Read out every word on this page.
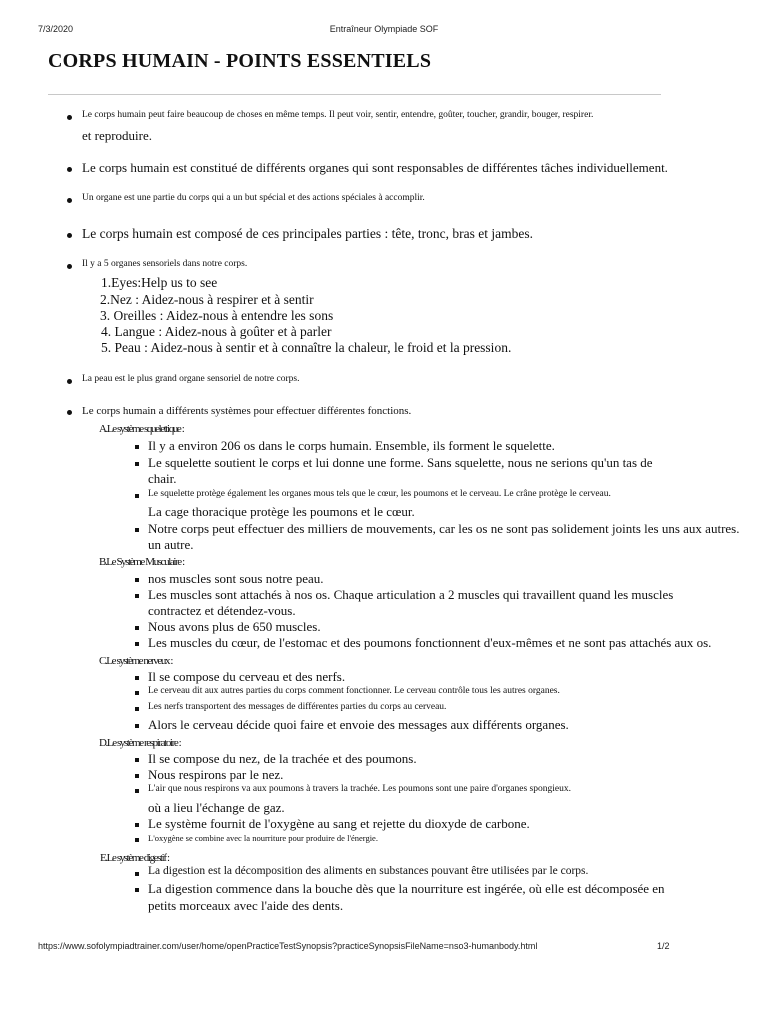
7/3/2020	Entraîneur Olympiade SOF
CORPS HUMAIN - POINTS ESSENTIELS
Le corps humain peut faire beaucoup de choses en même temps. Il peut voir, sentir, entendre, goûter, toucher, grandir, bouger, respirer.
et reproduire.
Le corps humain est constitué de différents organes qui sont responsables de différentes tâches individuellement.
Un organe est une partie du corps qui a un but spécial et des actions spéciales à accomplir.
Le corps humain est composé de ces principales parties : tête, tronc, bras et jambes.
Il y a 5 organes sensoriels dans notre corps.
1.Eyes:Help us to see
2.Nez : Aidez-nous à respirer et à sentir
3. Oreilles : Aidez-nous à entendre les sons
4. Langue : Aidez-nous à goûter et à parler
5. Peau : Aidez-nous à sentir et à connaître la chaleur, le froid et la pression.
La peau est le plus grand organe sensoriel de notre corps.
Le corps humain a différents systèmes pour effectuer différentes fonctions.
A.Le système squelettique :
Il y a environ 206 os dans le corps humain. Ensemble, ils forment le squelette.
Le squelette soutient le corps et lui donne une forme. Sans squelette, nous ne serions qu'un tas de
chair.
Le squelette protège également les organes mous tels que le cœur, les poumons et le cerveau. Le crâne protège le cerveau.
La cage thoracique protège les poumons et le cœur.
Notre corps peut effectuer des milliers de mouvements, car les os ne sont pas solidement joints les uns aux autres.
un autre.
B.Le Système Musculaire :
nos muscles sont sous notre peau.
Les muscles sont attachés à nos os. Chaque articulation a 2 muscles qui travaillent quand les muscles
contractez et détendez-vous.
Nous avons plus de 650 muscles.
Les muscles du cœur, de l'estomac et des poumons fonctionnent d'eux-mêmes et ne sont pas attachés aux os.
C.Le système nerveux :
Il se compose du cerveau et des nerfs.
Le cerveau dit aux autres parties du corps comment fonctionner. Le cerveau contrôle tous les autres organes.
Les nerfs transportent des messages de différentes parties du corps au cerveau.
Alors le cerveau décide quoi faire et envoie des messages aux différents organes.
D.Le système respiratoire :
Il se compose du nez, de la trachée et des poumons.
Nous respirons par le nez.
L'air que nous respirons va aux poumons à travers la trachée. Les poumons sont une paire d'organes spongieux.
où a lieu l'échange de gaz.
Le système fournit de l'oxygène au sang et rejette du dioxyde de carbone.
L'oxygène se combine avec la nourriture pour produire de l'énergie.
E.Le système digestif :
La digestion est la décomposition des aliments en substances pouvant être utilisées par le corps.
La digestion commence dans la bouche dès que la nourriture est ingérée, où elle est décomposée en
petits morceaux avec l'aide des dents.
https://www.sofolympiadtrainer.com/user/home/openPracticeTestSynopsis?practiceSynopsisFileName=nso3-humanbody.html	1/2
